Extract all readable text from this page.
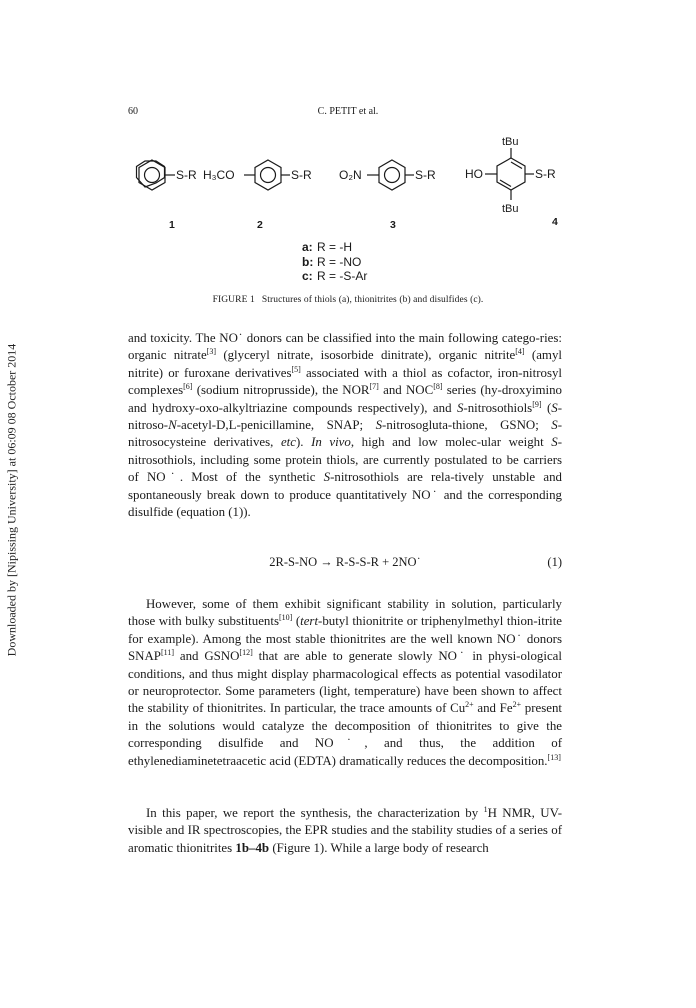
Downloaded by [Nipissing University] at 06:09 08 October 2014
60	C. PETIT et al.
S-R H₃CO	S-R O₂N	S-R HO	S-R
tBu
tBu
1	2	3	4
a: R = -H
b: R = -NO
c: R = -S-Ar
FIGURE 1 Structures of thiols (a), thionitrites (b) and disulfides (c).
and toxicity. The NO˙ donors can be classified into the main following catego-ries: organic nitrate[3] (glyceryl nitrate, isosorbide dinitrate), organic nitrite[4] (amyl nitrite) or furoxane derivatives[5] associated with a thiol as cofactor, iron-nitrosyl complexes[6] (sodium nitroprusside), the NOR[7] and NOC[8] series (hy-droxyimino and hydroxy-oxo-alkyltriazine compounds respectively), and S-nitrosothiols[9] (S-nitroso-N-acetyl-D,L-penicillamine, SNAP; S-nitrosogluta-thione, GSNO; S-nitrosocysteine derivatives, etc). In vivo, high and low molec-ular weight S-nitrosothiols, including some protein thiols, are currently postulated to be carriers of NO˙. Most of the synthetic S-nitrosothiols are rela-tively unstable and spontaneously break down to produce quantitatively NO˙ and the corresponding disulfide (equation (1)).
2R-S-NO → R-S-S-R + 2NO˙	(1)
However, some of them exhibit significant stability in solution, particularly those with bulky substituents[10] (tert-butyl thionitrite or triphenylmethyl thion-itrite for example). Among the most stable thionitrites are the well known NO˙ donors SNAP[11] and GSNO[12] that are able to generate slowly NO˙ in physi-ological conditions, and thus might display pharmacological effects as potential vasodilator or neuroprotector. Some parameters (light, temperature) have been shown to affect the stability of thionitrites. In particular, the trace amounts of $Cu^{2+}$ and $Fe^{2+}$ present in the solutions would catalyze the decomposition of thionitrites to give the corresponding disulfide and NO˙, and thus, the addition of ethylenediaminetetraacetic acid (EDTA) dramatically reduces the decomposition.[13]
In this paper, we report the synthesis, the characterization by $^1$H NMR, UV-visible and IR spectroscopies, the EPR studies and the stability studies of a series of aromatic thionitrites 1b–4b (Figure 1). While a large body of research
